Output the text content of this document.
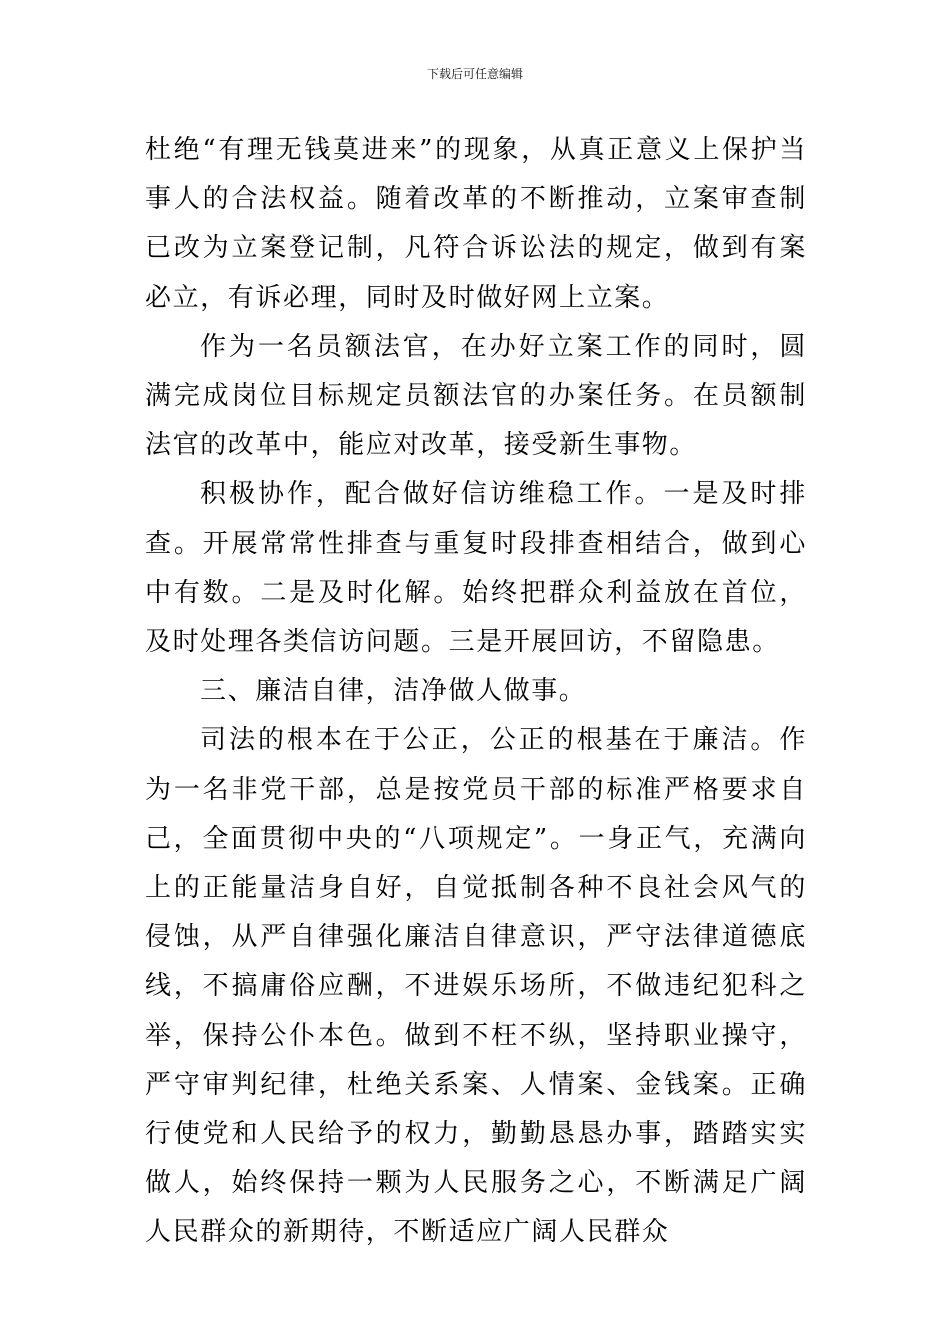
下载后可任意编辑

杜绝“有理无钱莫进来”的现象，从真正意义上保护当事人的合法权益。随着改革的不断推动，立案审查制已改为立案登记制，凡符合诉讼法的规定，做到有案必立，有诉必理，同时及时做好网上立案。

作为一名员额法官，在办好立案工作的同时，圆满完成岗位目标规定员额法官的办案任务。在员额制法官的改革中，能应对改革，接受新生事物。

积极协作，配合做好信访维稳工作。一是及时排查。开展常常性排查与重复时段排查相结合，做到心中有数。二是及时化解。始终把群众利益放在首位，及时处理各类信访问题。三是开展回访，不留隐患。

三、廉洁自律，洁净做人做事。

司法的根本在于公正，公正的根基在于廉洁。作为一名非党干部，总是按党员干部的标准严格要求自己，全面贯彻中央的“八项规定”。一身正气，充满向上的正能量洁身自好，自觉抵制各种不良社会风气的侵蚀，从严自律强化廉洁自律意识，严守法律道德底线，不搞庸俗应酬，不进娱乐场所，不做违纪犯科之举，保持公仆本色。做到不枉不纵，坚持职业操守，严守审判纪律，杜绝关系案、人情案、金钱案。正确行使党和人民给予的权力，勤勤恳恳办事，踏踏实实做人，始终保持一颗为人民服务之心，不断满足广阔人民群众的新期待，不断适应广阔人民群众
